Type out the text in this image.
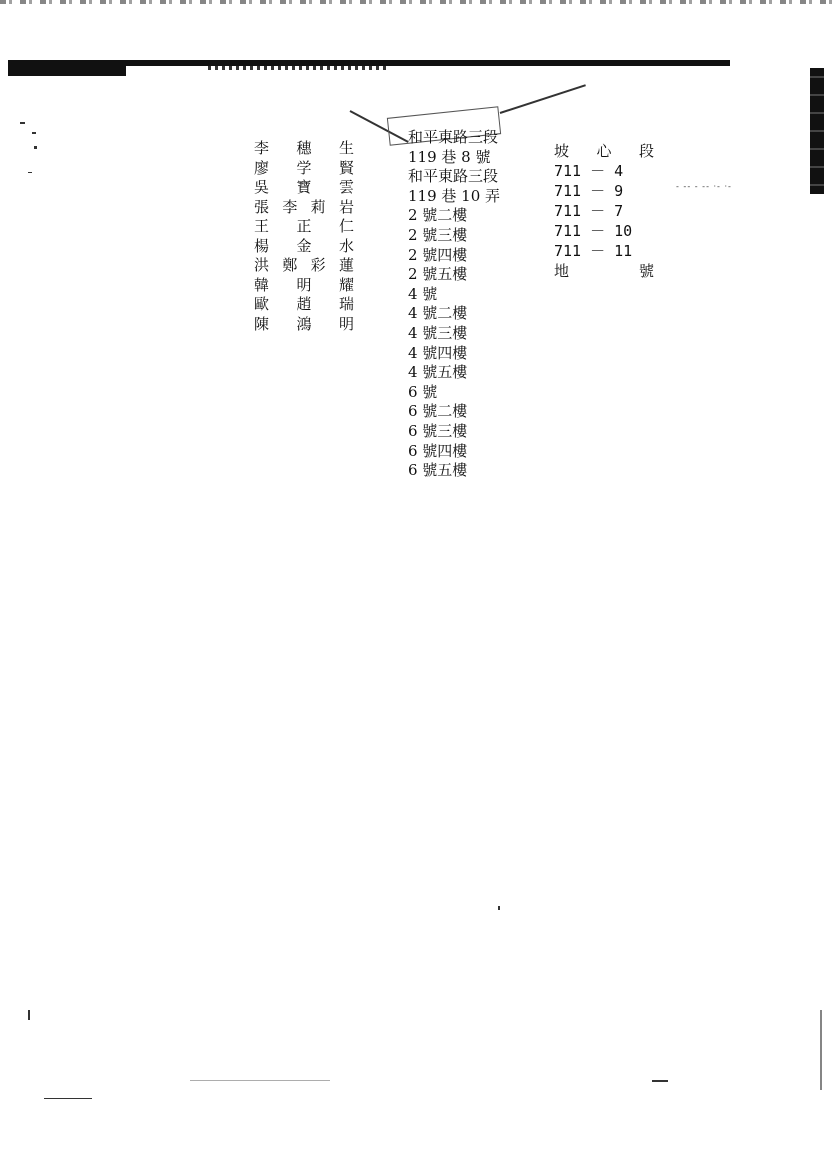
李 穗 生
廖 学 賢
吳 寶 雲
張 李 莉 岩
王 正 仁
楊 金 水
洪 鄭 彩 蓮
韓 明 耀
歐 趙 瑞
陳 鴻 明
和平東路三段
119 巷 8 號
和平東路三段
119 巷 10 弄
2 號二樓
2 號三樓
2 號四樓
2 號五樓
4 號
4 號二樓
4 號三樓
4 號四樓
4 號五樓
6 號
6 號二樓
6 號三樓
6 號四樓
6 號五樓
坡 心 段
711 － 4
711 － 9
711 － 7
711 － 10
711 － 11
地	號
- -- - -- ·- ·-
